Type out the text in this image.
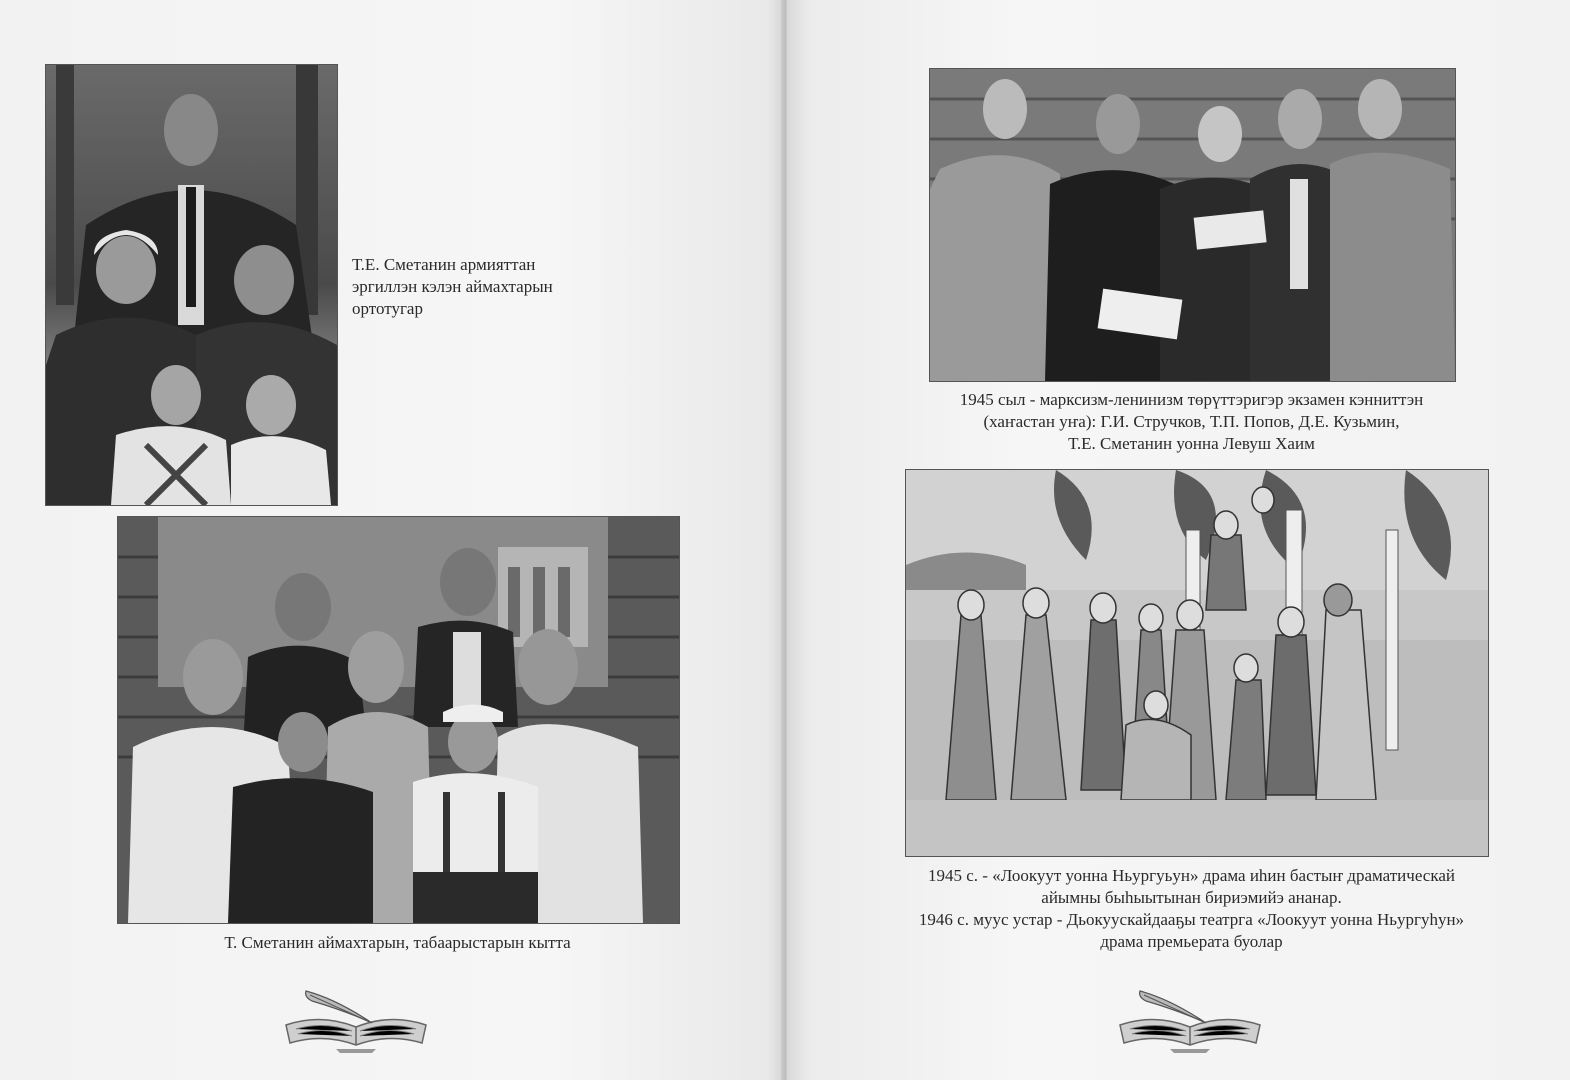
Т.Е. Сметанин армияттан
эргиллэн кэлэн аймахтарын
ортотугар
Т. Сметанин аймахтарын, табаарыстарын кытта
1945 сыл - марксизм-ленинизм төрүттэригэр экзамен кэнниттэн
(хаҥастан уҥа): Г.И. Стручков, Т.П. Попов, Д.Е. Кузьмин,
Т.Е. Сметанин уонна Левуш Хаим
1945 с. - «Лоокуут уонна Ньургуьун» драма иһин бастыҥ драматическай
айымны быһыытынан бириэмийэ ананар.
1946 с. муус устар - Дьокуускайдааҕы театрга «Лоокуут уонна Ньургуһун»
драма премьерата буолар
